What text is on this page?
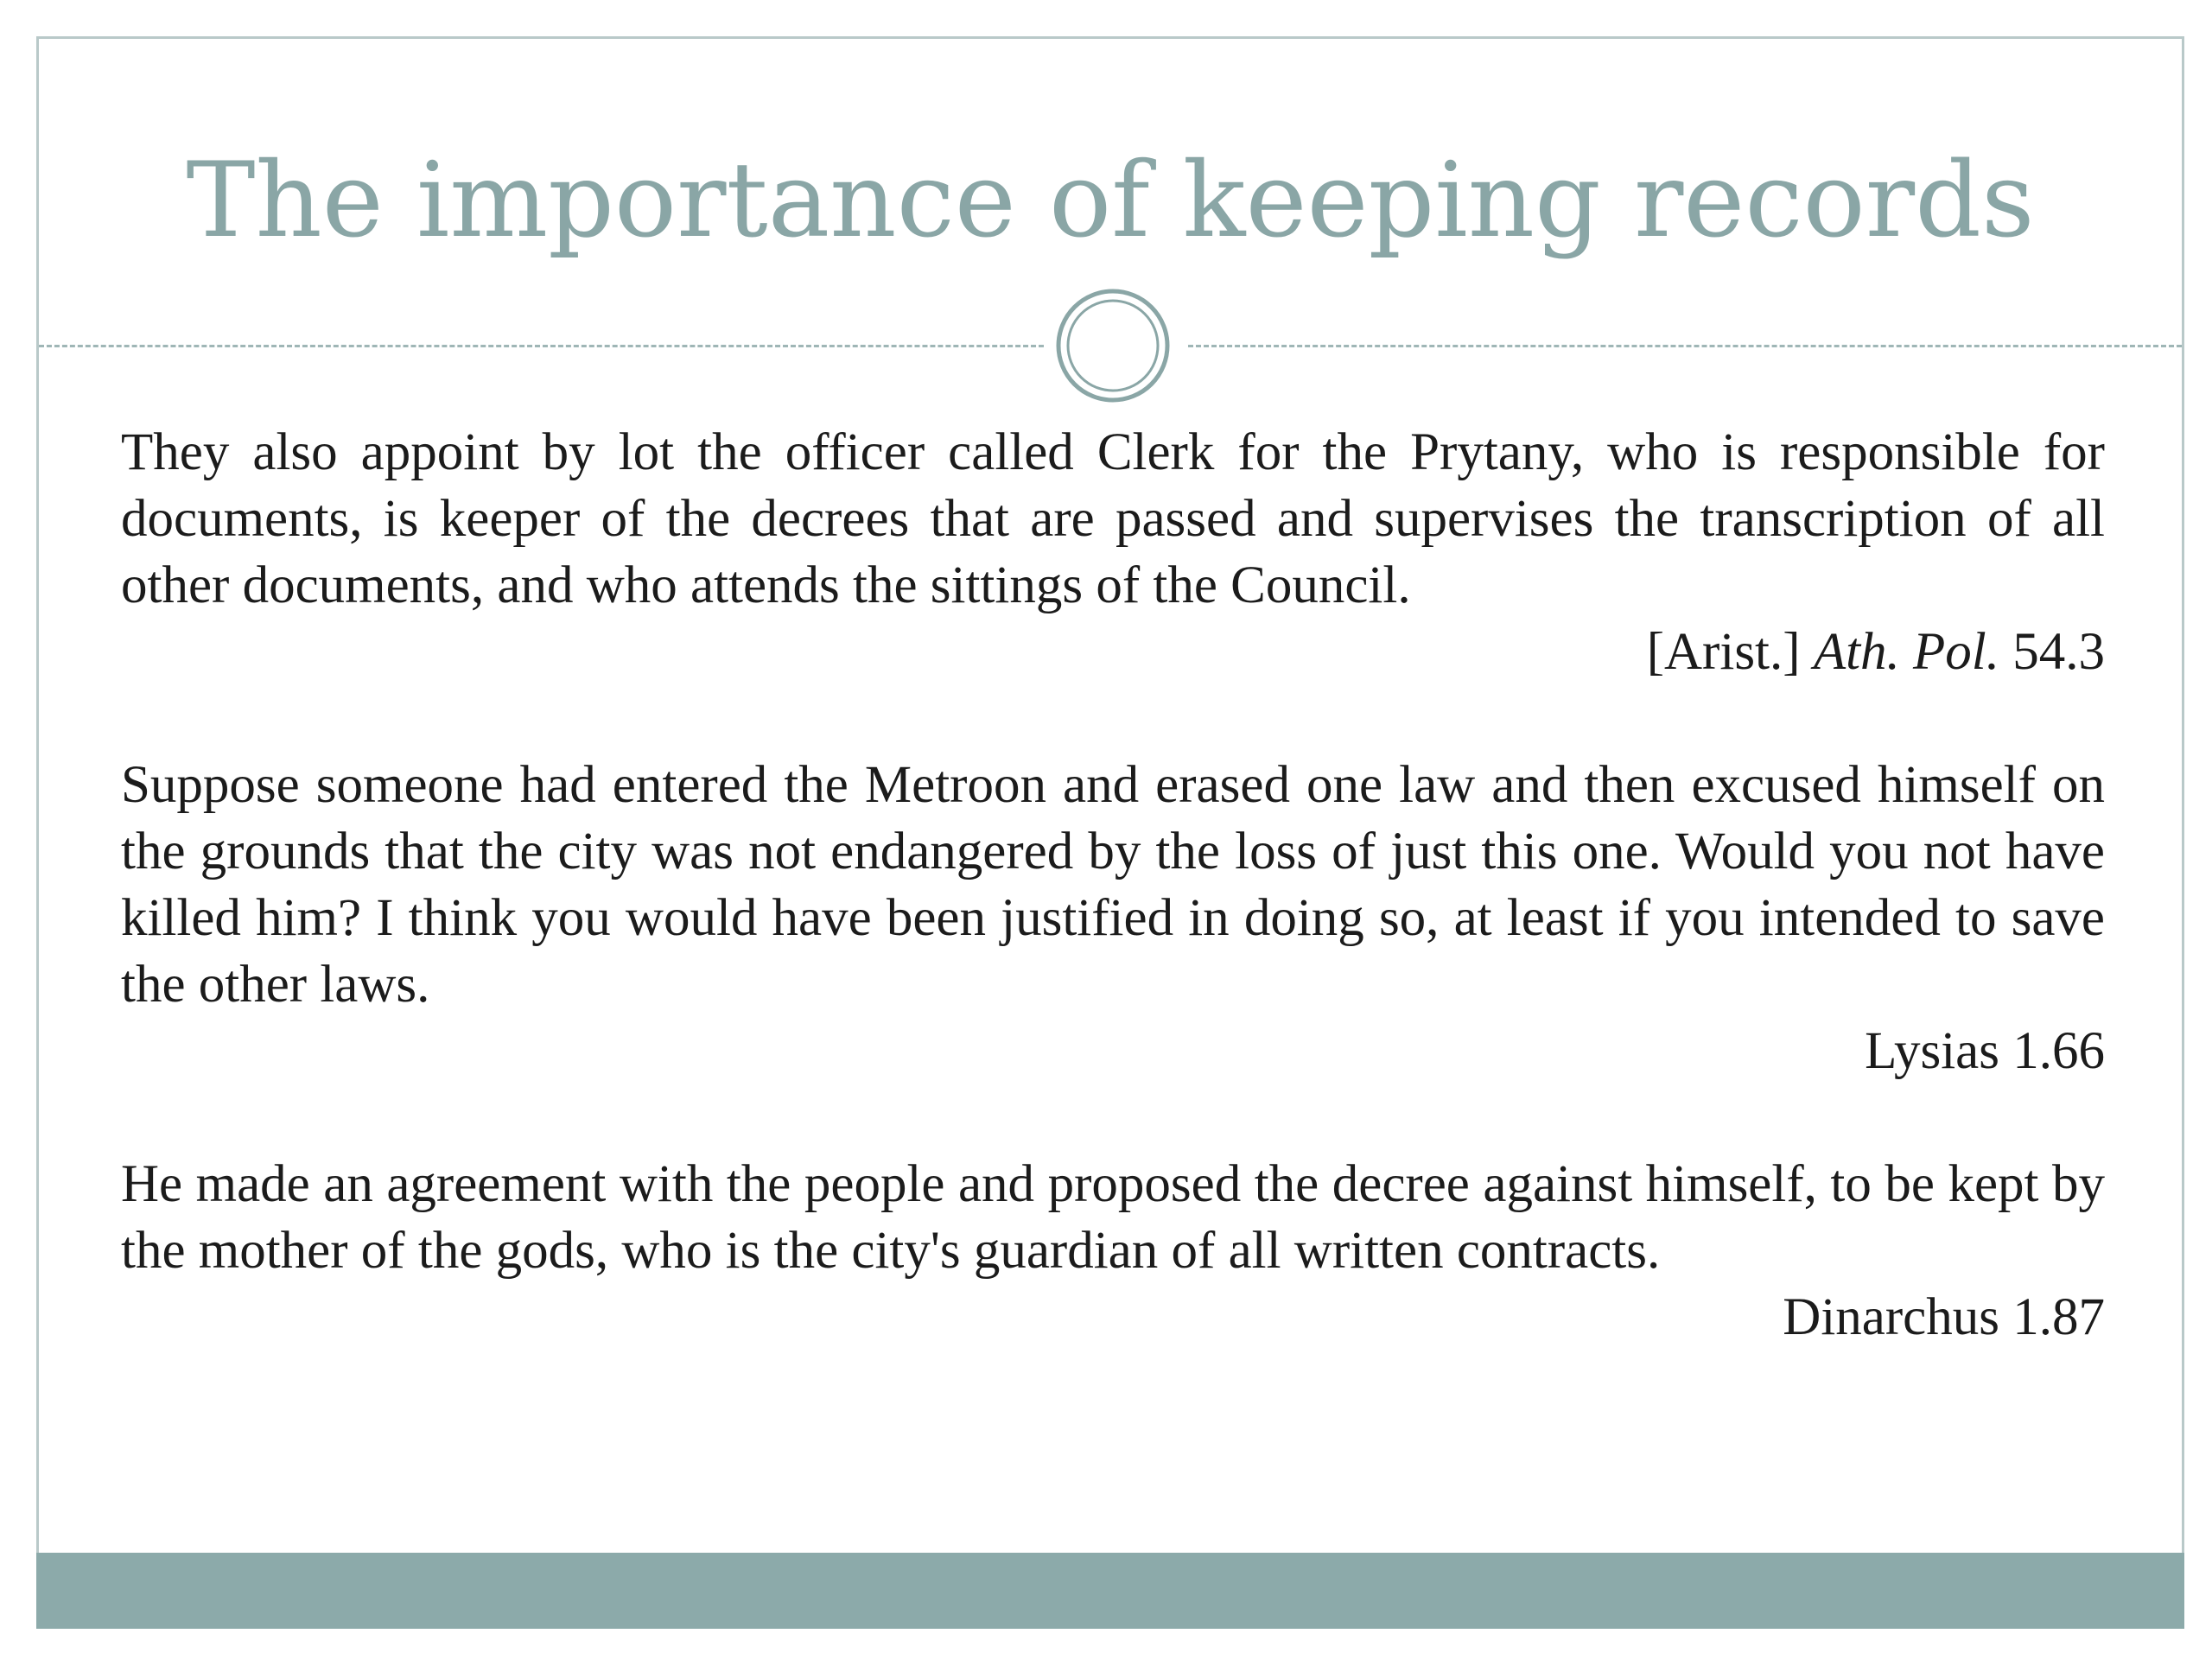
The importance of keeping records

They also appoint by lot the officer called Clerk for the Prytany, who is responsible for documents, is keeper of the decrees that are passed and supervises the transcription of all other documents, and who attends the sittings of the Council.

[Arist.] Ath. Pol. 54.3

Suppose someone had entered the Metroon and erased one law and then excused himself on the grounds that the city was not endangered by the loss of just this one. Would you not have killed him? I think you would have been justified in doing so, at least if you intended to save the other laws.

Lysias 1.66

He made an agreement with the people and proposed the decree against himself, to be kept by the mother of the gods, who is the city's guardian of all written contracts.

Dinarchus 1.87
